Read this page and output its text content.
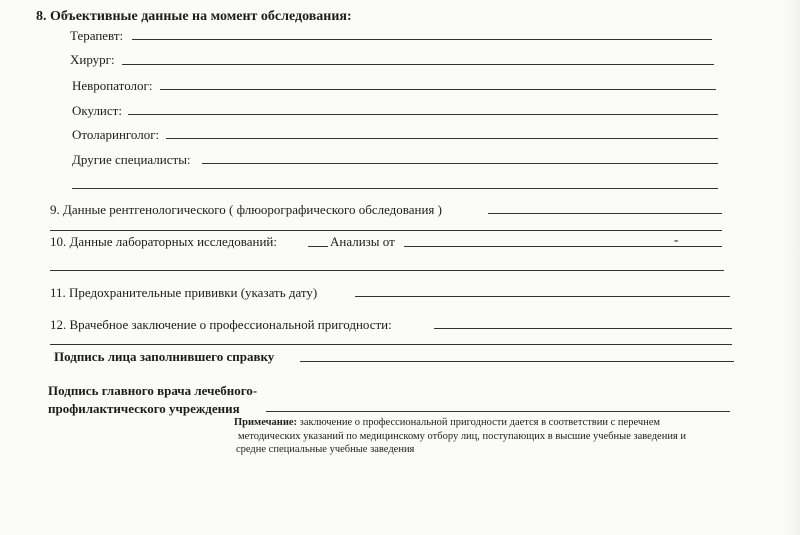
8. Объективные данные на момент обследования:
Терапевт:
Хирург:
Невропатолог:
Окулист:
Отоларинголог:
Другие специалисты:
9. Данные рентгенологического ( флюорографического обследования )
10. Данные лабораторных исследований:	Анализы от	-
11. Предохранительные прививки (указать дату)
12. Врачебное заключение о профессиональной пригодности:
Подпись лица заполнившего справку
Подпись главного врача лечебного-
профилактического учреждения
Примечание: заключение о профессиональной пригодности дается в соответствии с перечнем
методических указаний по медицинскому отбору лиц, поступающих в высшие учебные заведения и
средне специальные учебные заведения
